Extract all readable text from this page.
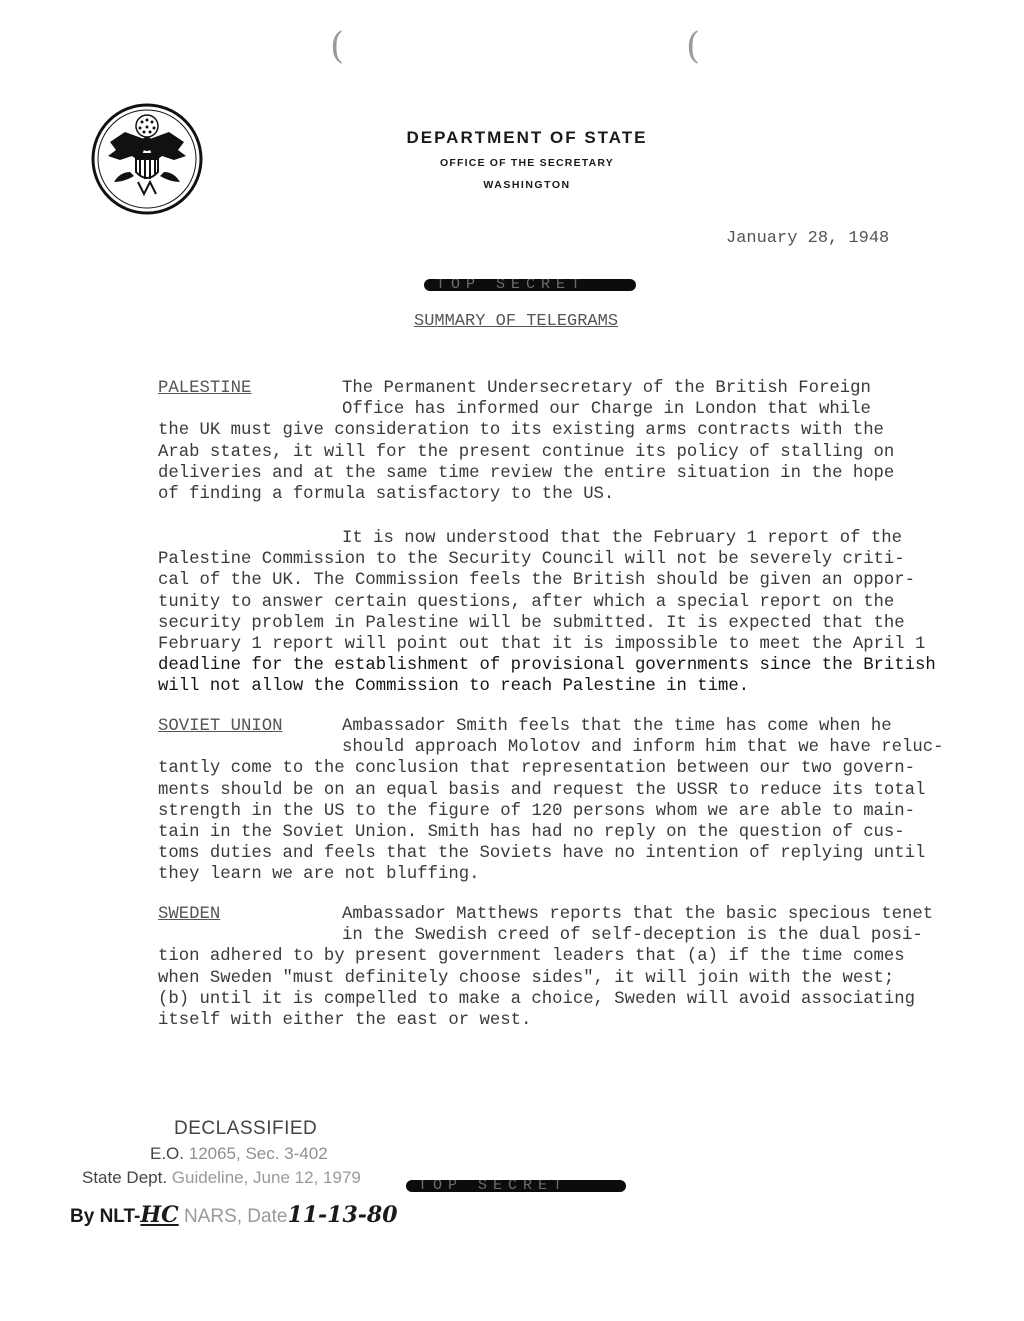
(	(
DEPARTMENT OF STATE
OFFICE OF THE SECRETARY
WASHINGTON
January 28, 1948
TOP SECRET
SUMMARY OF TELEGRAMS
PALESTINE	The Permanent Undersecretary of the British Foreign

Office has informed our Charge in London that while

the UK must give consideration to its existing arms contracts with the

Arab states, it will for the present continue its policy of stalling on

deliveries and at the same time review the entire situation in the hope

of finding a formula satisfactory to the US.

It is now understood that the February 1 report of the

Palestine Commission to the Security Council will not be severely criti-

cal of the UK. The Commission feels the British should be given an oppor-

tunity to answer certain questions, after which a special report on the

security problem in Palestine will be submitted. It is expected that the

February 1 report will point out that it is impossible to meet the April 1

deadline for the establishment of provisional governments since the British

will not allow the Commission to reach Palestine in time.

SOVIET UNION	Ambassador Smith feels that the time has come when he

should approach Molotov and inform him that we have reluc-

tantly come to the conclusion that representation between our two govern-

ments should be on an equal basis and request the USSR to reduce its total

strength in the US to the figure of 120 persons whom we are able to main-

tain in the Soviet Union. Smith has had no reply on the question of cus-

toms duties and feels that the Soviets have no intention of replying until

they learn we are not bluffing.

SWEDEN	Ambassador Matthews reports that the basic specious tenet

in the Swedish creed of self-deception is the dual posi-

tion adhered to by present government leaders that (a) if the time comes

when Sweden "must definitely choose sides", it will join with the west;

(b) until it is compelled to make a choice, Sweden will avoid associating

itself with either the east or west.

DECLASSIFIED
E.O. 12065, Sec. 3-402
State Dept. Guideline, June 12, 1979
By NLT-HC NARS, Date11-13-80
TOP SECRET
